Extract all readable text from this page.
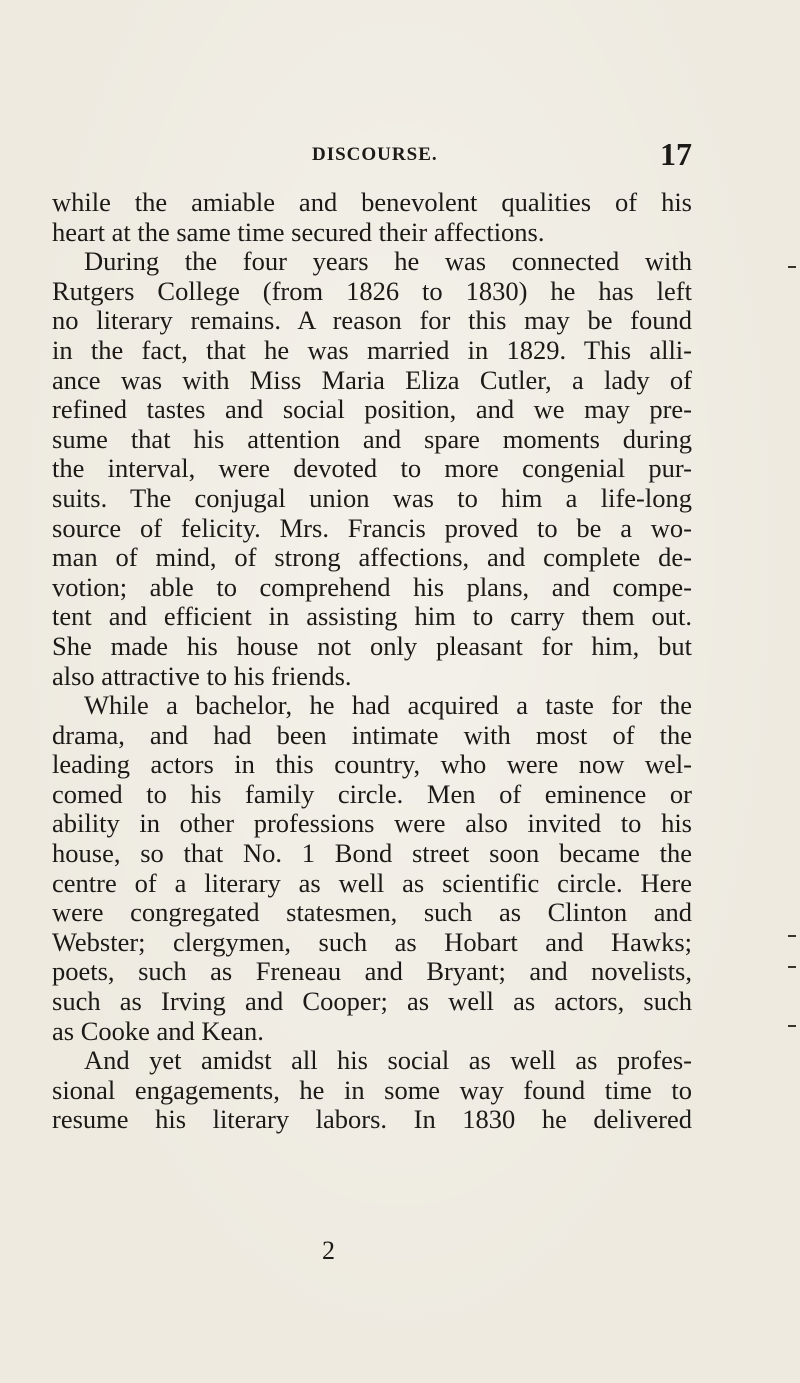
DISCOURSE.	17
while the amiable and benevolent qualities of his
heart at the same time secured their affections.
During the four years he was connected with
Rutgers College (from 1826 to 1830) he has left
no literary remains. A reason for this may be found
in the fact, that he was married in 1829. This alli-
ance was with Miss Maria Eliza Cutler, a lady of
refined tastes and social position, and we may pre-
sume that his attention and spare moments during
the interval, were devoted to more congenial pur-
suits. The conjugal union was to him a life-long
source of felicity. Mrs. Francis proved to be a wo-
man of mind, of strong affections, and complete de-
votion; able to comprehend his plans, and compe-
tent and efficient in assisting him to carry them out.
She made his house not only pleasant for him, but
also attractive to his friends.
While a bachelor, he had acquired a taste for the
drama, and had been intimate with most of the
leading actors in this country, who were now wel-
comed to his family circle. Men of eminence or
ability in other professions were also invited to his
house, so that No. 1 Bond street soon became the
centre of a literary as well as scientific circle. Here
were congregated statesmen, such as Clinton and
Webster; clergymen, such as Hobart and Hawks;
poets, such as Freneau and Bryant; and novelists,
such as Irving and Cooper; as well as actors, such
as Cooke and Kean.
And yet amidst all his social as well as profes-
sional engagements, he in some way found time to
resume his literary labors. In 1830 he delivered
2
